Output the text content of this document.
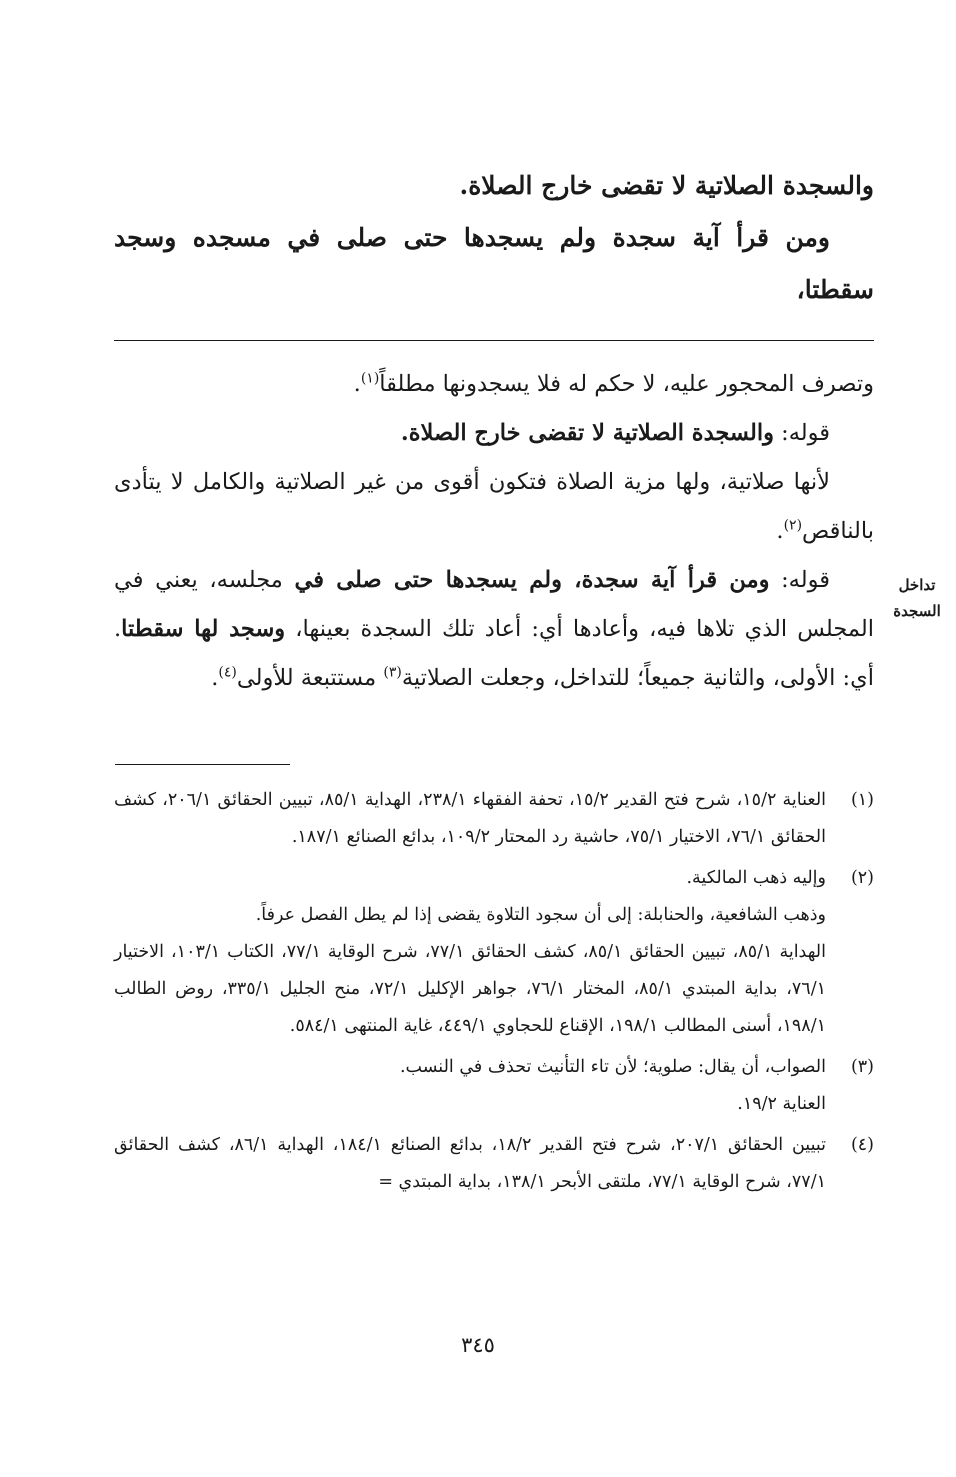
والسجدة الصلاتية لا تقضى خارج الصلاة.

ومن قرأ آية سجدة ولم يسجدها حتى صلى في مسجده وسجد سقطتا،

وتصرف المحجور عليه، لا حكم له فلا يسجدونها مطلقاً$^{(١)}$.

قوله: والسجدة الصلاتية لا تقضى خارج الصلاة.

لأنها صلاتية، ولها مزية الصلاة فتكون أقوى من غير الصلاتية والكامل لا يتأدى بالناقص$^{(٢)}$.

قوله: ومن قرأ آية سجدة، ولم يسجدها حتى صلى في مجلسه، يعني في المجلس الذي تلاها فيه، وأعادها أي: أعاد تلك السجدة بعينها، وسجد لها سقطتا. أي: الأولى، والثانية جميعاً؛ للتداخل، وجعلت الصلاتية$^{(٣)}$ مستتبعة للأولى$^{(٤)}$.

تداخل
السجدة
(١)

العناية ١٥/٢، شرح فتح القدير ١٥/٢، تحفة الفقهاء ٢٣٨/١، الهداية ٨٥/١، تبيين الحقائق ٢٠٦/١، كشف الحقائق ٧٦/١، الاختيار ٧٥/١، حاشية رد المحتار ١٠٩/٢، بدائع الصنائع ١٨٧/١.

(٢)

وإليه ذهب المالكية.

وذهب الشافعية، والحنابلة: إلى أن سجود التلاوة يقضى إذا لم يطل الفصل عرفاً.

الهداية ٨٥/١، تبيين الحقائق ٨٥/١، كشف الحقائق ٧٧/١، شرح الوقاية ٧٧/١، الكتاب ١٠٣/١، الاختيار ٧٦/١، بداية المبتدي ٨٥/١، المختار ٧٦/١، جواهر الإكليل ٧٢/١، منح الجليل ٣٣٥/١، روض الطالب ١٩٨/١، أسنى المطالب ١٩٨/١، الإقناع للحجاوي ٤٤٩/١، غاية المنتهى ٥٨٤/١.

(٣)

الصواب، أن يقال: صلوية؛ لأن تاء التأنيث تحذف في النسب.

العناية ١٩/٢.

(٤)

تبيين الحقائق ٢٠٧/١، شرح فتح القدير ١٨/٢، بدائع الصنائع ١٨٤/١، الهداية ٨٦/١، كشف الحقائق ٧٧/١، شرح الوقاية ٧٧/١، ملتقى الأبحر ١٣٨/١، بداية المبتدي =

٣٤٥
